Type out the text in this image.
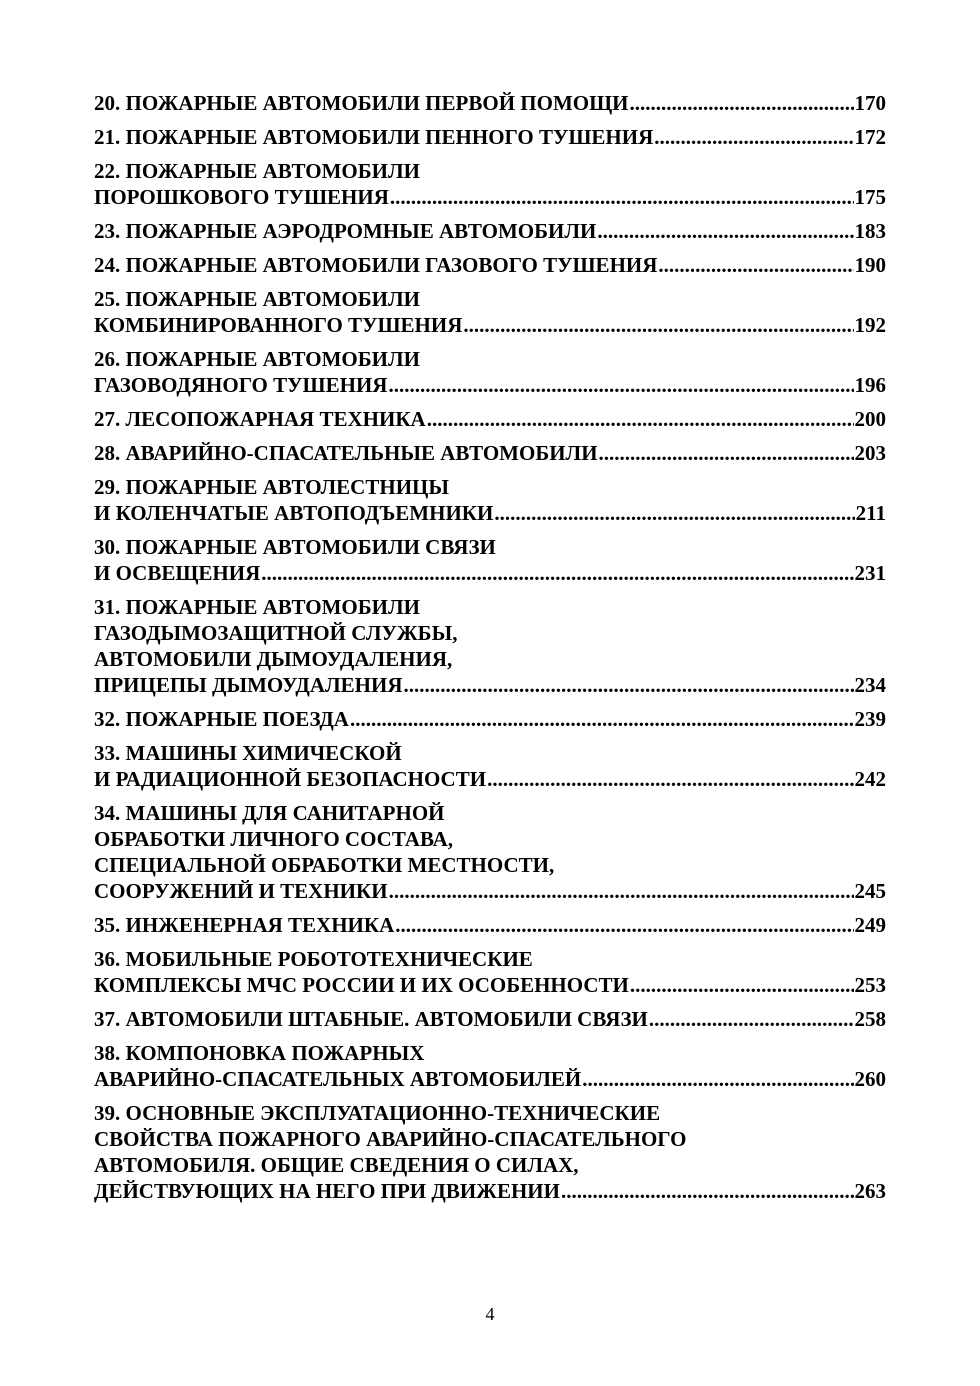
20. ПОЖАРНЫЕ АВТОМОБИЛИ ПЕРВОЙ ПОМОЩИ .....	170
21. ПОЖАРНЫЕ АВТОМОБИЛИ ПЕННОГО ТУШЕНИЯ .....	172
22. ПОЖАРНЫЕ АВТОМОБИЛИ
ПОРОШКОВОГО ТУШЕНИЯ .....	175
23. ПОЖАРНЫЕ АЭРОДРОМНЫЕ АВТОМОБИЛИ .....	183
24. ПОЖАРНЫЕ АВТОМОБИЛИ ГАЗОВОГО ТУШЕНИЯ .....	190
25. ПОЖАРНЫЕ АВТОМОБИЛИ
КОМБИНИРОВАННОГО ТУШЕНИЯ .....	192
26. ПОЖАРНЫЕ АВТОМОБИЛИ
ГАЗОВОДЯНОГО ТУШЕНИЯ .....	196
27. ЛЕСОПОЖАРНАЯ ТЕХНИКА .....	200
28. АВАРИЙНО-СПАСАТЕЛЬНЫЕ АВТОМОБИЛИ .....	203
29. ПОЖАРНЫЕ АВТОЛЕСТНИЦЫ
И КОЛЕНЧАТЫЕ АВТОПОДЪЕМНИКИ .....	211
30. ПОЖАРНЫЕ АВТОМОБИЛИ СВЯЗИ
И ОСВЕЩЕНИЯ .....	231
31. ПОЖАРНЫЕ АВТОМОБИЛИ
ГАЗОДЫМОЗАЩИТНОЙ СЛУЖБЫ,
АВТОМОБИЛИ ДЫМОУДАЛЕНИЯ,
ПРИЦЕПЫ ДЫМОУДАЛЕНИЯ .....	234
32. ПОЖАРНЫЕ ПОЕЗДА .....	239
33. МАШИНЫ ХИМИЧЕСКОЙ
И РАДИАЦИОННОЙ БЕЗОПАСНОСТИ .....	242
34. МАШИНЫ ДЛЯ САНИТАРНОЙ
ОБРАБОТКИ ЛИЧНОГО СОСТАВА,
СПЕЦИАЛЬНОЙ ОБРАБОТКИ МЕСТНОСТИ,
СООРУЖЕНИЙ И ТЕХНИКИ .....	245
35. ИНЖЕНЕРНАЯ ТЕХНИКА .....	249
36. МОБИЛЬНЫЕ РОБОТОТЕХНИЧЕСКИЕ
КОМПЛЕКСЫ МЧС РОССИИ И ИХ ОСОБЕННОСТИ .....	253
37. АВТОМОБИЛИ ШТАБНЫЕ. АВТОМОБИЛИ СВЯЗИ .....	258
38. КОМПОНОВКА ПОЖАРНЫХ
АВАРИЙНО-СПАСАТЕЛЬНЫХ АВТОМОБИЛЕЙ .....	260
39. ОСНОВНЫЕ ЭКСПЛУАТАЦИОННО-ТЕХНИЧЕСКИЕ
СВОЙСТВА ПОЖАРНОГО АВАРИЙНО-СПАСАТЕЛЬНОГО
АВТОМОБИЛЯ. ОБЩИЕ СВЕДЕНИЯ О СИЛАХ,
ДЕЙСТВУЮЩИХ НА НЕГО ПРИ ДВИЖЕНИИ .....	263
4
